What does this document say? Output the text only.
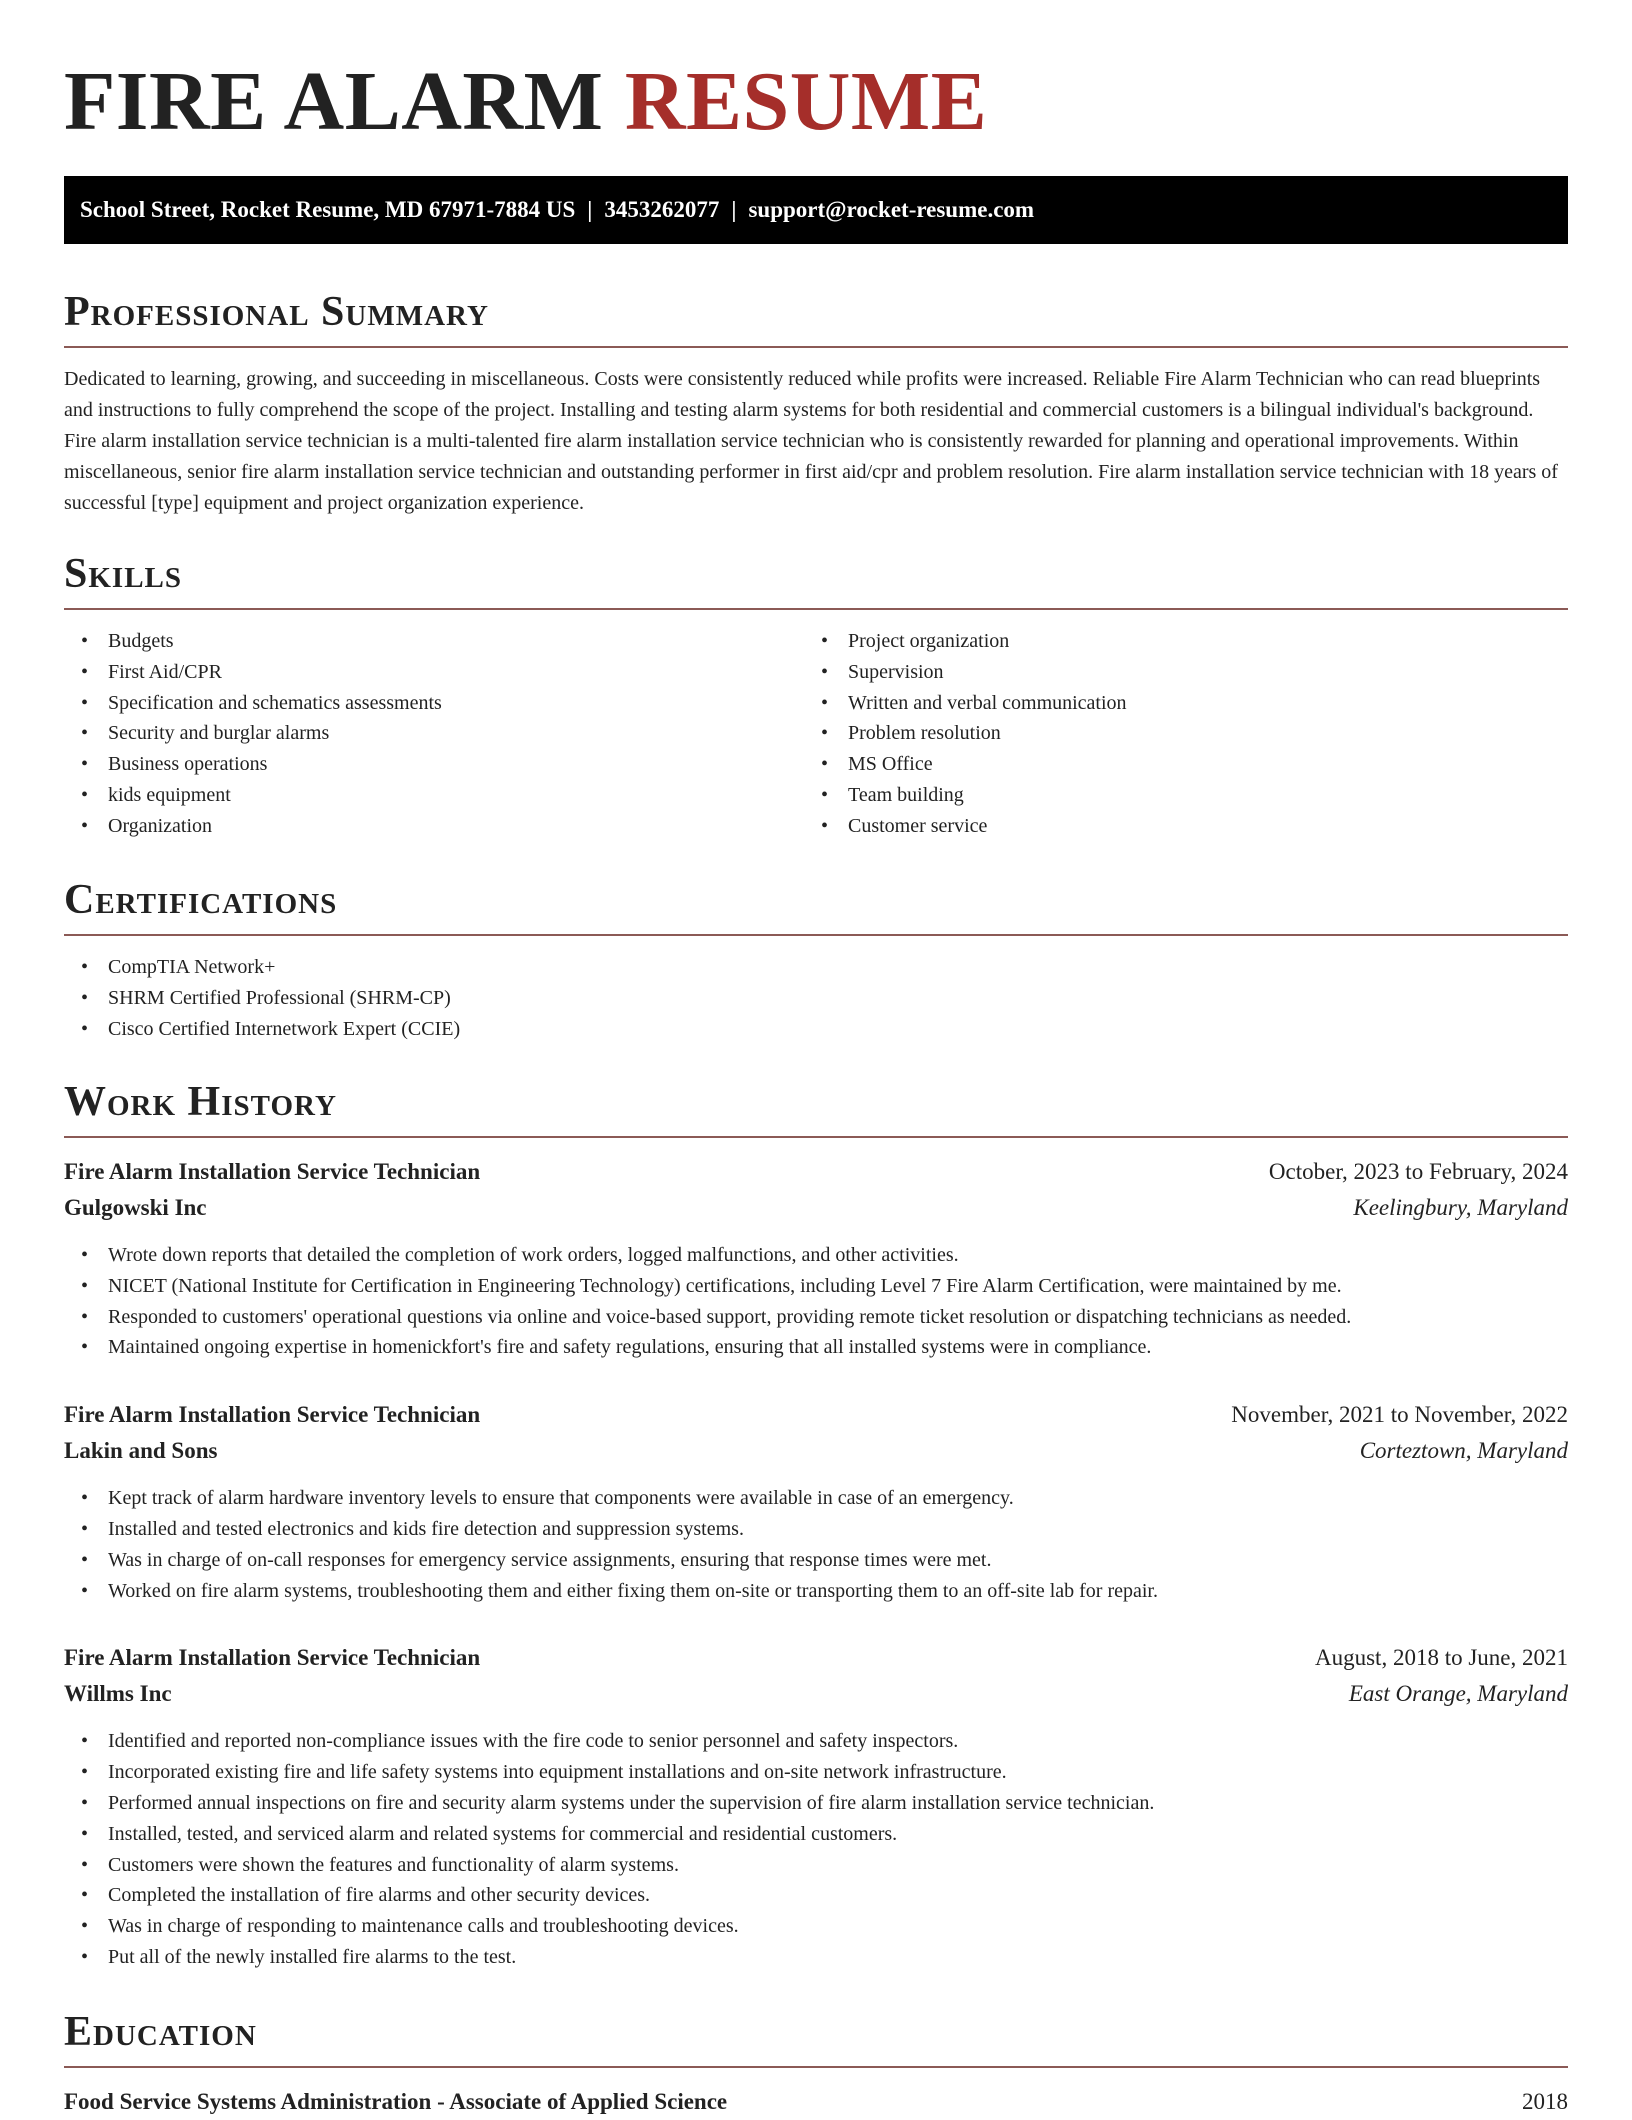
FIRE ALARM RESUME
School Street, Rocket Resume, MD 67971-7884 US | 3453262077 | support@rocket-resume.com
Professional Summary

Dedicated to learning, growing, and succeeding in miscellaneous. Costs were consistently reduced while profits were increased. Reliable Fire Alarm Technician who can read blueprints and instructions to fully comprehend the scope of the project. Installing and testing alarm systems for both residential and commercial customers is a bilingual individual's background. Fire alarm installation service technician is a multi-talented fire alarm installation service technician who is consistently rewarded for planning and operational improvements. Within miscellaneous, senior fire alarm installation service technician and outstanding performer in first aid/cpr and problem resolution. Fire alarm installation service technician with 18 years of successful [type] equipment and project organization experience.

Skills
• Budgets
• First Aid/CPR
• Specification and schematics assessments
• Security and burglar alarms
• Business operations
• kids equipment
• Organization
• Project organization
• Supervision
• Written and verbal communication
• Problem resolution
• MS Office
• Team building
• Customer service
Certifications
• CompTIA Network+
• SHRM Certified Professional (SHRM-CP)
• Cisco Certified Internetwork Expert (CCIE)
Work History
Fire Alarm Installation Service Technician	October, 2023 to February, 2024
Gulgowski Inc	Keelingbury, Maryland
• Wrote down reports that detailed the completion of work orders, logged malfunctions, and other activities.
• NICET (National Institute for Certification in Engineering Technology) certifications, including Level 7 Fire Alarm Certification, were maintained by me.
• Responded to customers' operational questions via online and voice-based support, providing remote ticket resolution or dispatching technicians as needed.
• Maintained ongoing expertise in homenickfort's fire and safety regulations, ensuring that all installed systems were in compliance.
Fire Alarm Installation Service Technician	November, 2021 to November, 2022
Lakin and Sons	Corteztown, Maryland
• Kept track of alarm hardware inventory levels to ensure that components were available in case of an emergency.
• Installed and tested electronics and kids fire detection and suppression systems.
• Was in charge of on-call responses for emergency service assignments, ensuring that response times were met.
• Worked on fire alarm systems, troubleshooting them and either fixing them on-site or transporting them to an off-site lab for repair.
Fire Alarm Installation Service Technician	August, 2018 to June, 2021
Willms Inc	East Orange, Maryland
• Identified and reported non-compliance issues with the fire code to senior personnel and safety inspectors.
• Incorporated existing fire and life safety systems into equipment installations and on-site network infrastructure.
• Performed annual inspections on fire and security alarm systems under the supervision of fire alarm installation service technician.
• Installed, tested, and serviced alarm and related systems for commercial and residential customers.
• Customers were shown the features and functionality of alarm systems.
• Completed the installation of fire alarms and other security devices.
• Was in charge of responding to maintenance calls and troubleshooting devices.
• Put all of the newly installed fire alarms to the test.
Education
Food Service Systems Administration - Associate of Applied Science	2018
